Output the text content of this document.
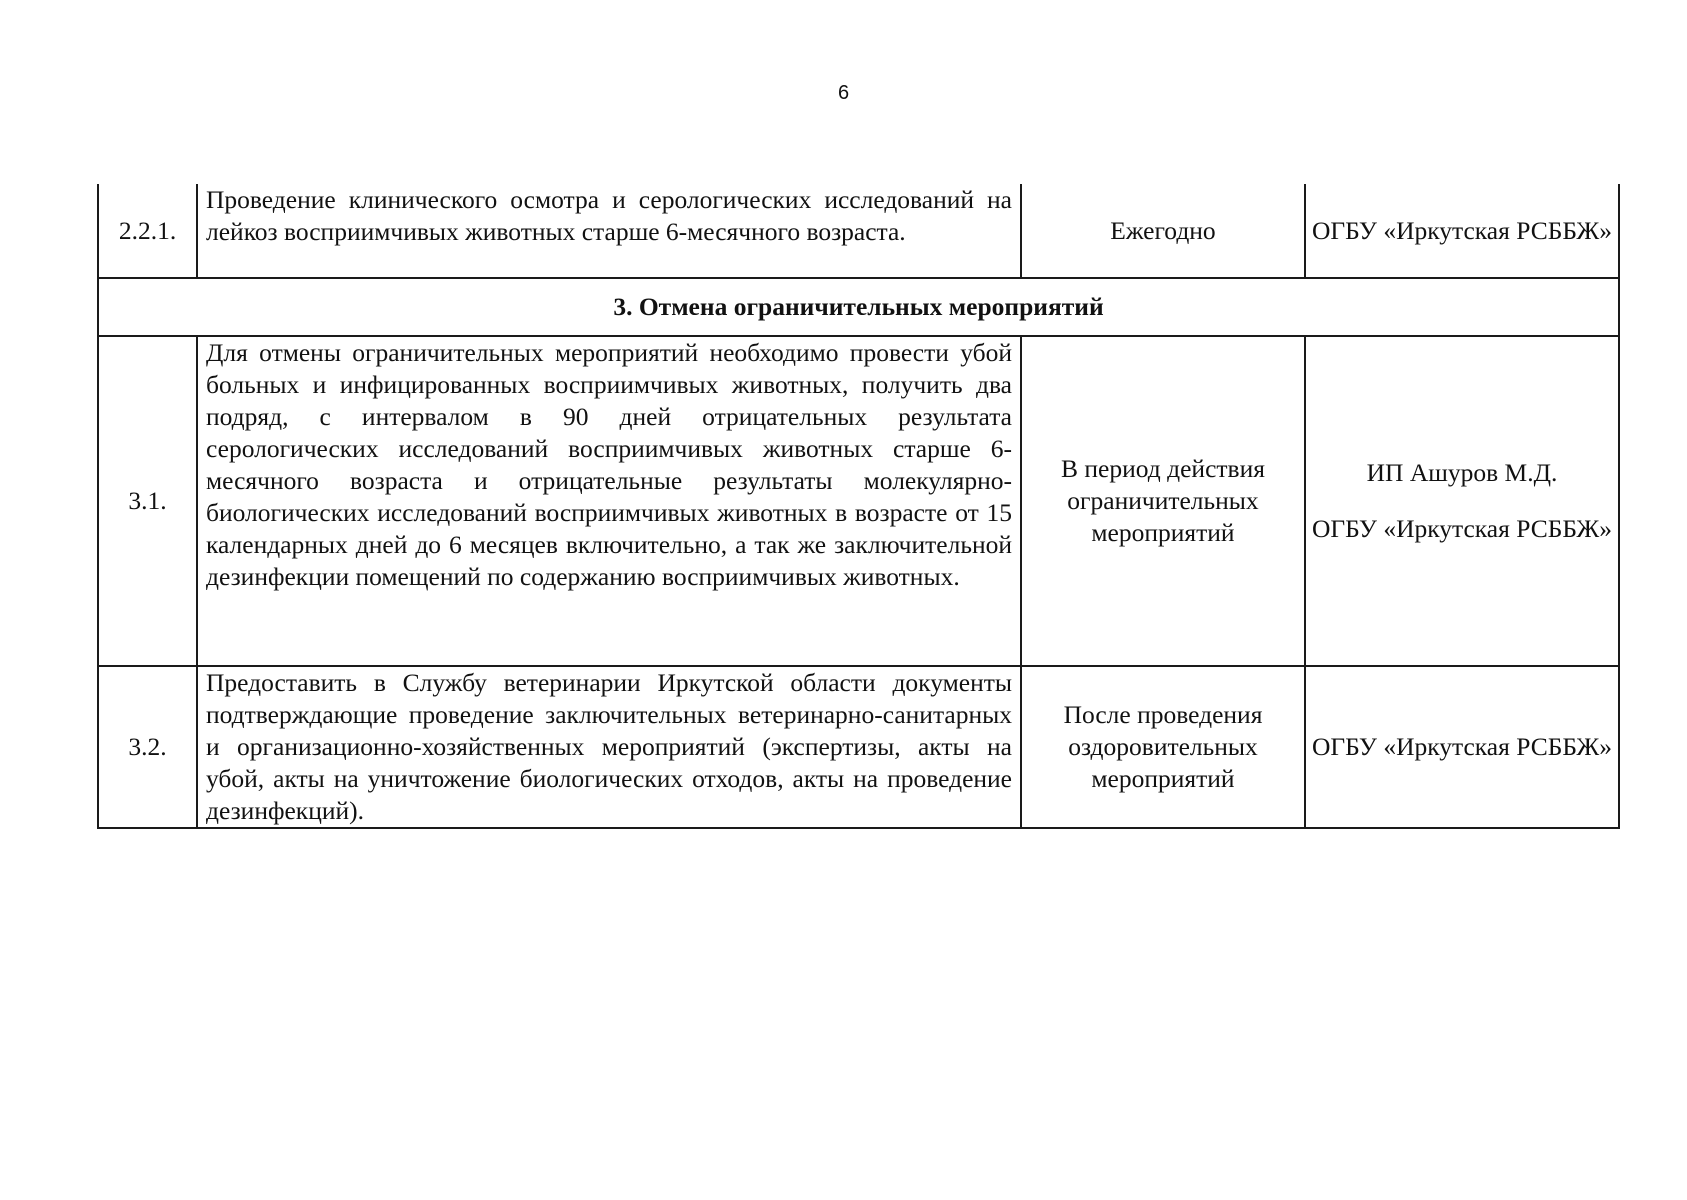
6
2.2.1.	Проведение клинического осмотра и серологических исследований на лейкоз восприимчивых животных старше 6-месячного возраста.	Ежегодно	ОГБУ «Иркутская РСББЖ»

3. Отмена ограничительных мероприятий			
3.1.	Для отмены ограничительных мероприятий необходимо провести убой больных и инфицированных восприимчивых животных, получить два подряд, с интервалом в 90 дней отрицательных результата серологических исследований восприимчивых животных старше 6-месячного возраста и отрицательные результаты молекулярно-биологических исследований восприимчивых животных в возрасте от 15 календарных дней до 6 месяцев включительно, а так же заключительной дезинфекции помещений по содержанию восприимчивых животных.	В период действия ограничительных мероприятий	ИП Ашуров М.Д.
ОГБУ «Иркутская РСББЖ»

3.2.	Предоставить в Службу ветеринарии Иркутской области документы подтверждающие проведение заключительных ветеринарно-санитарных и организационно-хозяйственных мероприятий (экспертизы, акты на убой, акты на уничтожение биологических отходов, акты на проведение дезинфекций).	После проведения оздоровительных мероприятий	ОГБУ «Иркутская РСББЖ»
